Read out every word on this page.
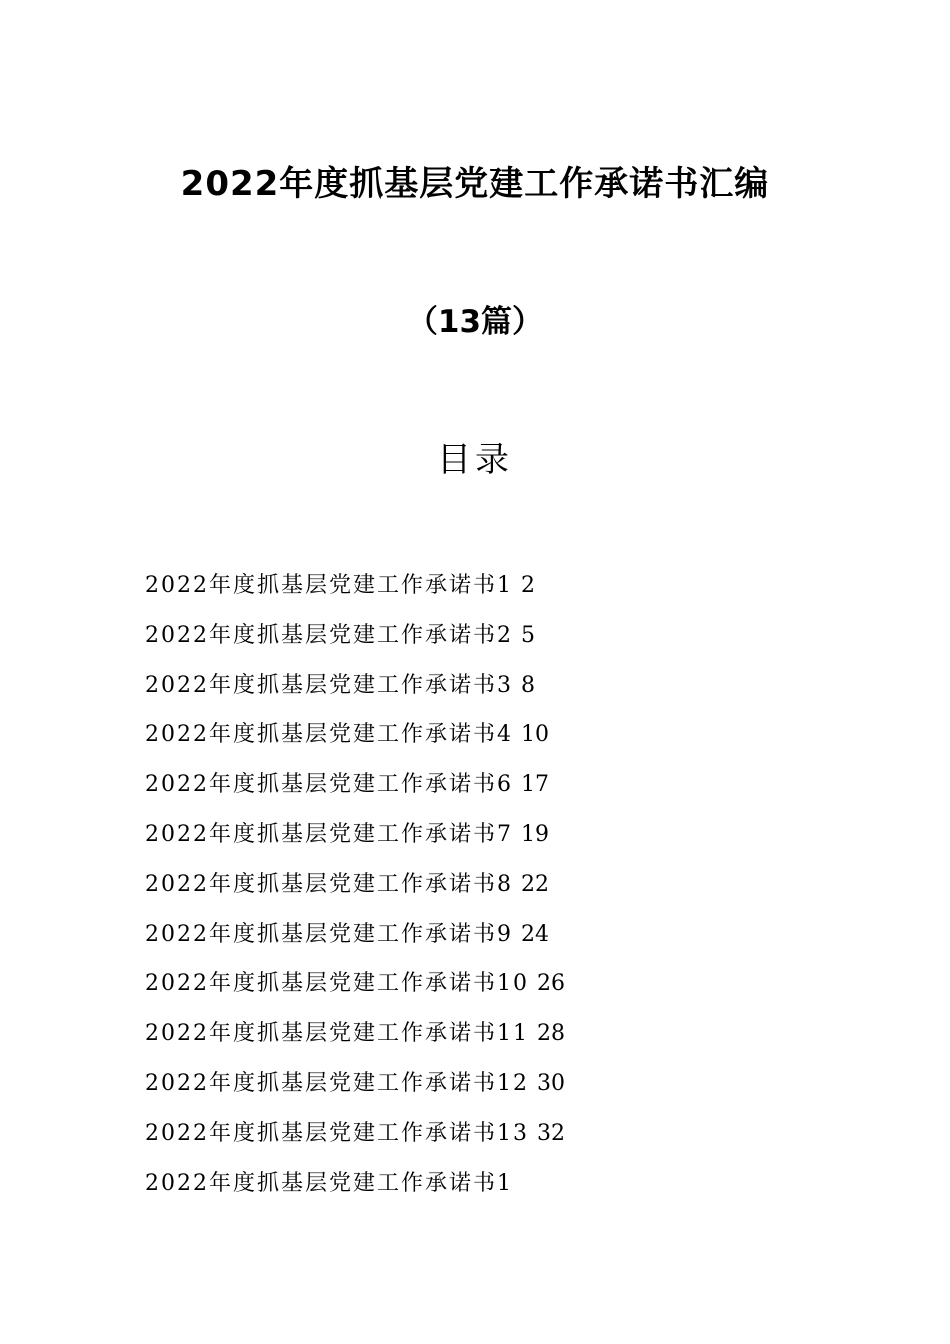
2022年度抓基层党建工作承诺书汇编
（13篇）
目录
2022年度抓基层党建工作承诺书1 2
2022年度抓基层党建工作承诺书2 5
2022年度抓基层党建工作承诺书3 8
2022年度抓基层党建工作承诺书4 10
2022年度抓基层党建工作承诺书6 17
2022年度抓基层党建工作承诺书7 19
2022年度抓基层党建工作承诺书8 22
2022年度抓基层党建工作承诺书9 24
2022年度抓基层党建工作承诺书10 26
2022年度抓基层党建工作承诺书11 28
2022年度抓基层党建工作承诺书12 30
2022年度抓基层党建工作承诺书13 32
2022年度抓基层党建工作承诺书1
